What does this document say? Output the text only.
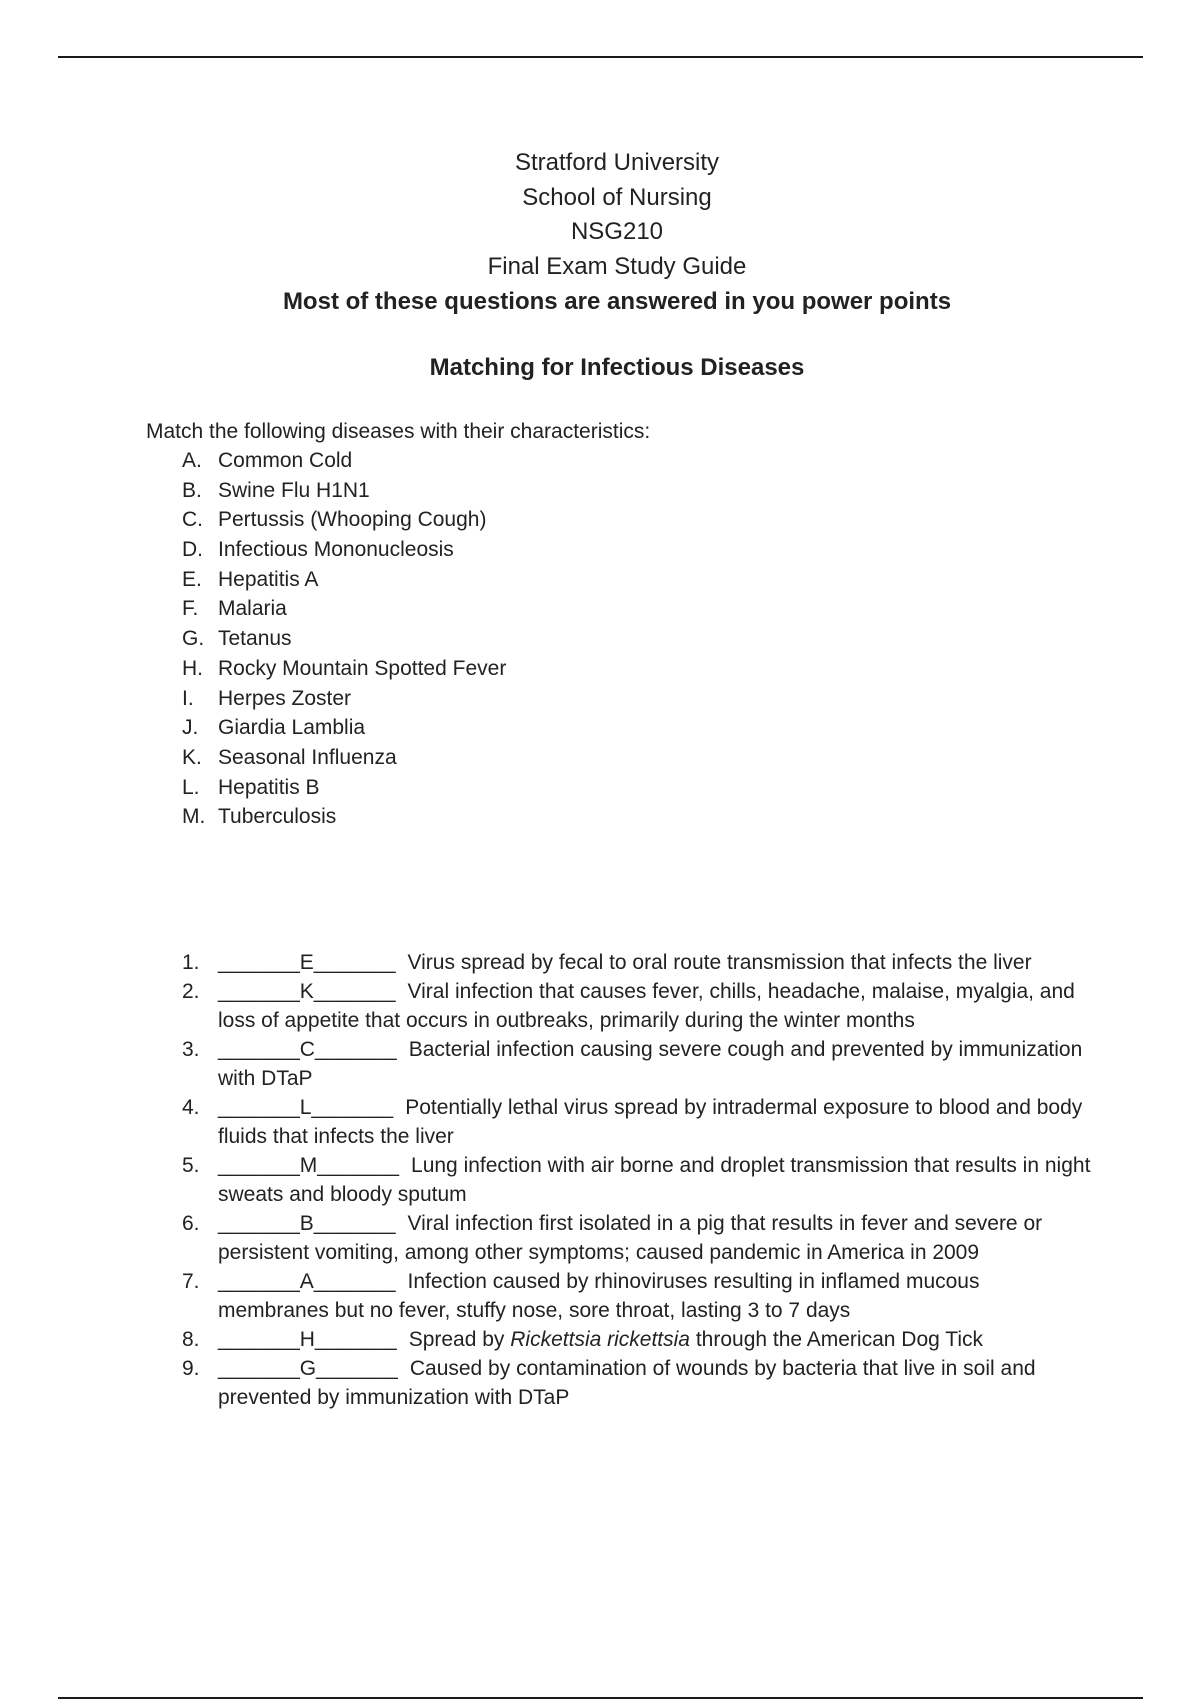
Stratford University
School of Nursing
NSG210
Final Exam Study Guide
Most of these questions are answered in you power points
Matching for Infectious Diseases
Match the following diseases with their characteristics:
A. Common Cold
B. Swine Flu H1N1
C. Pertussis (Whooping Cough)
D. Infectious Mononucleosis
E. Hepatitis A
F. Malaria
G. Tetanus
H. Rocky Mountain Spotted Fever
I. Herpes Zoster
J. Giardia Lamblia
K. Seasonal Influenza
L. Hepatitis B
M. Tuberculosis
1. _______E_______ Virus spread by fecal to oral route transmission that infects the liver
2. _______K_______ Viral infection that causes fever, chills, headache, malaise, myalgia, and loss of appetite that occurs in outbreaks, primarily during the winter months
3. _______C_______ Bacterial infection causing severe cough and prevented by immunization with DTaP
4. _______L_______ Potentially lethal virus spread by intradermal exposure to blood and body fluids that infects the liver
5. _______M_______ Lung infection with air borne and droplet transmission that results in night sweats and bloody sputum
6. _______B_______ Viral infection first isolated in a pig that results in fever and severe or persistent vomiting, among other symptoms; caused pandemic in America in 2009
7. _______A_______ Infection caused by rhinoviruses resulting in inflamed mucous membranes but no fever, stuffy nose, sore throat, lasting 3 to 7 days
8. _______H_______ Spread by Rickettsia rickettsia through the American Dog Tick
9. _______G_______ Caused by contamination of wounds by bacteria that live in soil and prevented by immunization with DTaP
